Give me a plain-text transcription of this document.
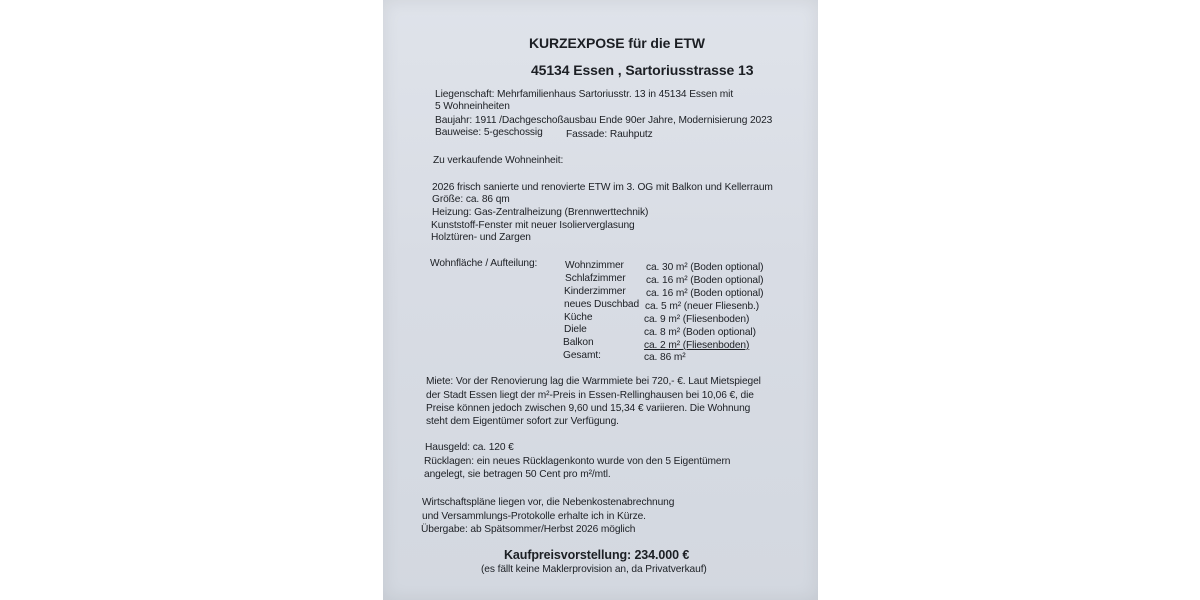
KURZEXPOSE für die ETW
45134 Essen , Sartoriusstrasse 13
Liegenschaft: Mehrfamilienhaus Sartoriusstr. 13 in 45134 Essen mit
5 Wohneinheiten
Baujahr: 1911 /Dachgeschoßausbau Ende 90er Jahre, Modernisierung 2023
Bauweise: 5-geschossig Fassade: Rauhputz
Zu verkaufende Wohneinheit:
2026 frisch sanierte und renovierte ETW im 3. OG mit Balkon und Kellerraum
Größe: ca. 86 qm
Heizung: Gas-Zentralheizung (Brennwerttechnik)
Kunststoff-Fenster mit neuer Isolierverglasung
Holztüren- und Zargen
Wohnfläche / Aufteilung:	Wohnzimmer ca. 30 m² (Boden optional)
Schlafzimmer ca. 16 m² (Boden optional)
Kinderzimmer ca. 16 m² (Boden optional)
neues Duschbad ca. 5 m² (neuer Fliesenb.)
Küche	ca. 9 m² (Fliesenboden)
Diele	ca. 8 m² (Boden optional)
Balkon	ca. 2 m² (Fliesenboden)
Gesamt:	ca. 86 m²
Miete: Vor der Renovierung lag die Warmmiete bei 720,- €. Laut Mietspiegel
der Stadt Essen liegt der m²-Preis in Essen-Rellinghausen bei 10,06 €, die
Preise können jedoch zwischen 9,60 und 15,34 € variieren. Die Wohnung
steht dem Eigentümer sofort zur Verfügung.
Hausgeld: ca. 120 €
Rücklagen: ein neues Rücklagenkonto wurde von den 5 Eigentümern
angelegt, sie betragen 50 Cent pro m²/mtl.
Wirtschaftspläne liegen vor, die Nebenkostenabrechnung
und Versammlungs-Protokolle erhalte ich in Kürze.
Übergabe: ab Spätsommer/Herbst 2026 möglich
Kaufpreisvorstellung: 234.000 €
(es fällt keine Maklerprovision an, da Privatverkauf)
